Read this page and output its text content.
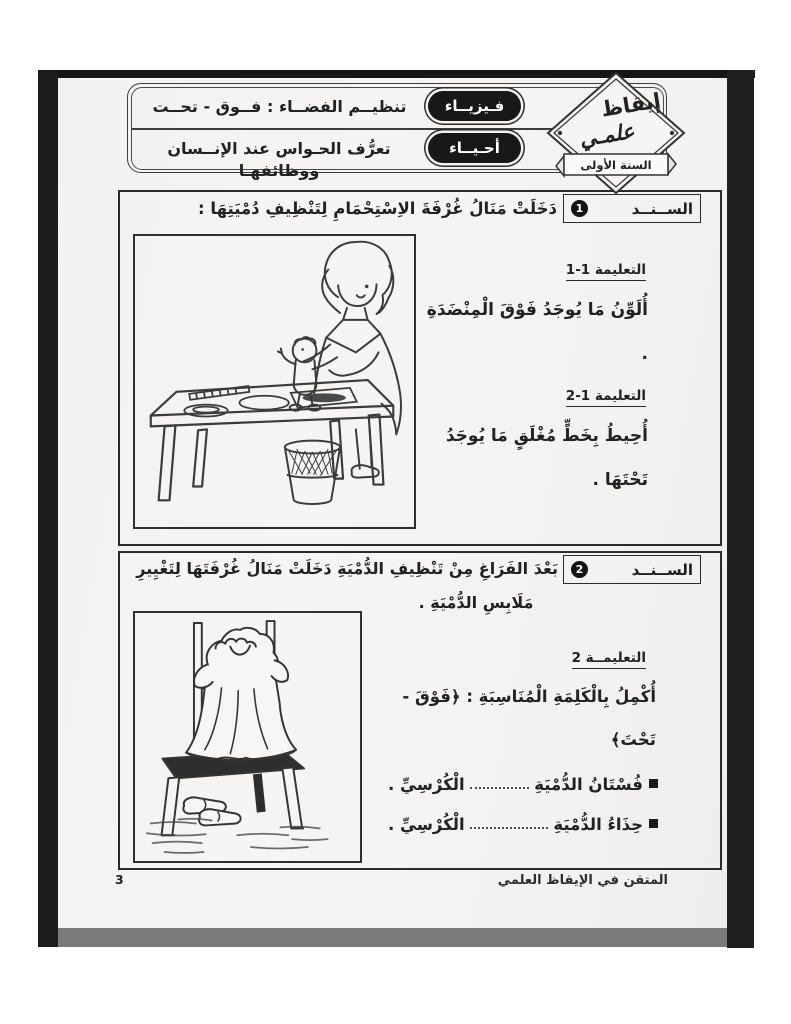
تنظيــم الفضــاء : فــوق - تحــت	فـيزيــاء
تعرُّف الحـواس عند الإنــسان ووظائفهـا
أحـيــاء
إيقاظ
علمـي
السنة الأولى
الســنــد
1
دَخَلَتْ مَنَالُ غُرْفَةَ الاِسْتِحْمَامِ لِتَنْظِيفِ دُمْيَتِهَا :
التعليمة 1-1
أُلَوِّنُ مَا يُوجَدُ فَوْقَ الْمِنْضَدَةِ .
التعليمة 1-2
أُحِيطُ بِخَطٍّ مُغْلَقٍ مَا يُوجَدُ
تَحْتَهَا .
الســنــد
2
بَعْدَ الفَرَاغِ مِنْ تَنْظِيفِ الدُّمْيَةِ دَخَلَتْ مَنَالُ غُرْفَتَهَا لِتَغْيِيرِ
مَلَابِسِ الدُّمْيَةِ .
التعليمــة 2
أُكْمِلُ بِالْكَلِمَةِ الْمُنَاسِبَةِ : ﴿فَوْقَ - تَحْتَ﴾
فُسْتَانُ الدُّمْيَةِ
الْكُرْسِيِّ .
حِذَاءُ الدُّمْيَةِ
الْكُرْسِيِّ .
المتقن في الإيقاظ العلمي
3
